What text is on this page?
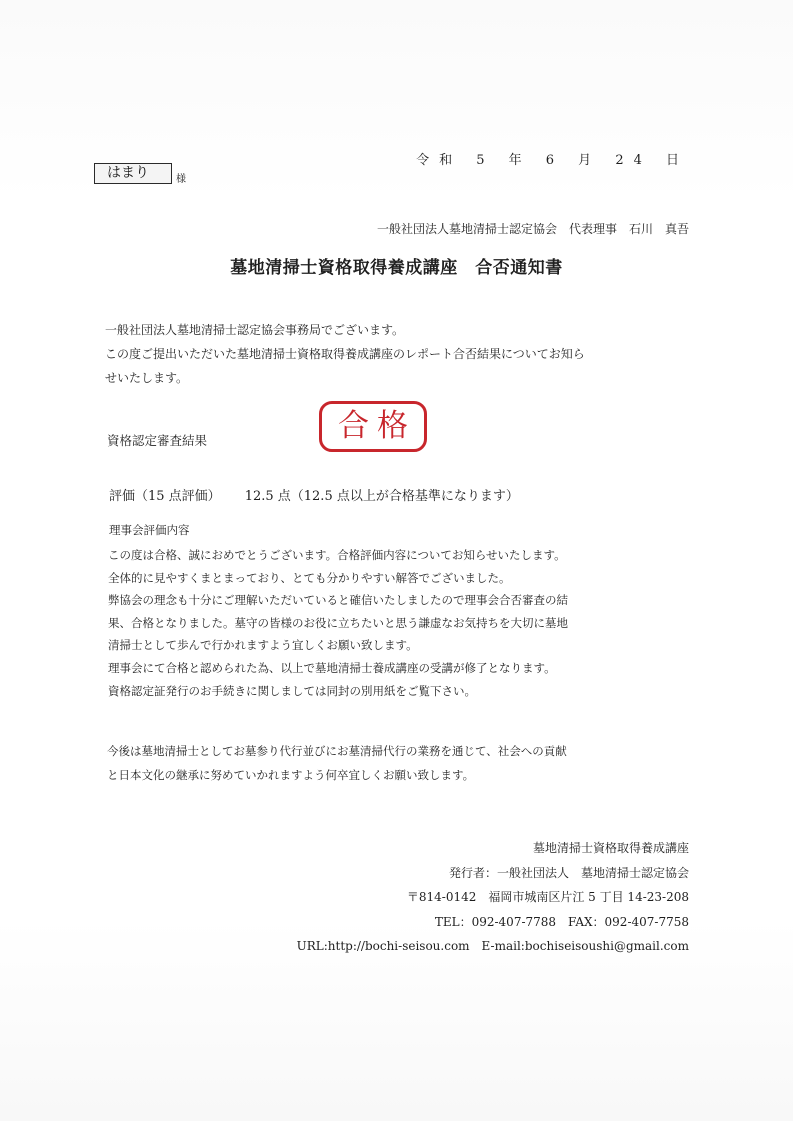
令和 5 年 6 月 24 日
はまり	様
一般社団法人墓地清掃士認定協会　代表理事　石川　真吾
墓地清掃士資格取得養成講座　合否通知書
一般社団法人墓地清掃士認定協会事務局でございます。
この度ご提出いただいた墓地清掃士資格取得養成講座のレポート合否結果についてお知ら
せいたします。
資格認定審査結果	合格
評価（15 点評価） 12.5 点（12.5 点以上が合格基準になります）
理事会評価内容
この度は合格、誠におめでとうございます。合格評価内容についてお知らせいたします。
全体的に見やすくまとまっており、とても分かりやすい解答でございました。
弊協会の理念も十分にご理解いただいていると確信いたしましたので理事会合否審査の結
果、合格となりました。墓守の皆様のお役に立ちたいと思う謙虚なお気持ちを大切に墓地
清掃士として歩んで行かれますよう宜しくお願い致します。
理事会にて合格と認められた為、以上で墓地清掃士養成講座の受講が修了となります。
資格認定証発行のお手続きに関しましては同封の別用紙をご覧下さい。
今後は墓地清掃士としてお墓参り代行並びにお墓清掃代行の業務を通じて、社会への貢献
と日本文化の継承に努めていかれますよう何卒宜しくお願い致します。
墓地清掃士資格取得養成講座
発行者：一般社団法人　墓地清掃士認定協会
〒814-0142　福岡市城南区片江 5 丁目 14-23-208
TEL：092-407-7788　FAX：092-407-7758
URL:http://bochi-seisou.com　E-mail:bochiseisoushi@gmail.com
